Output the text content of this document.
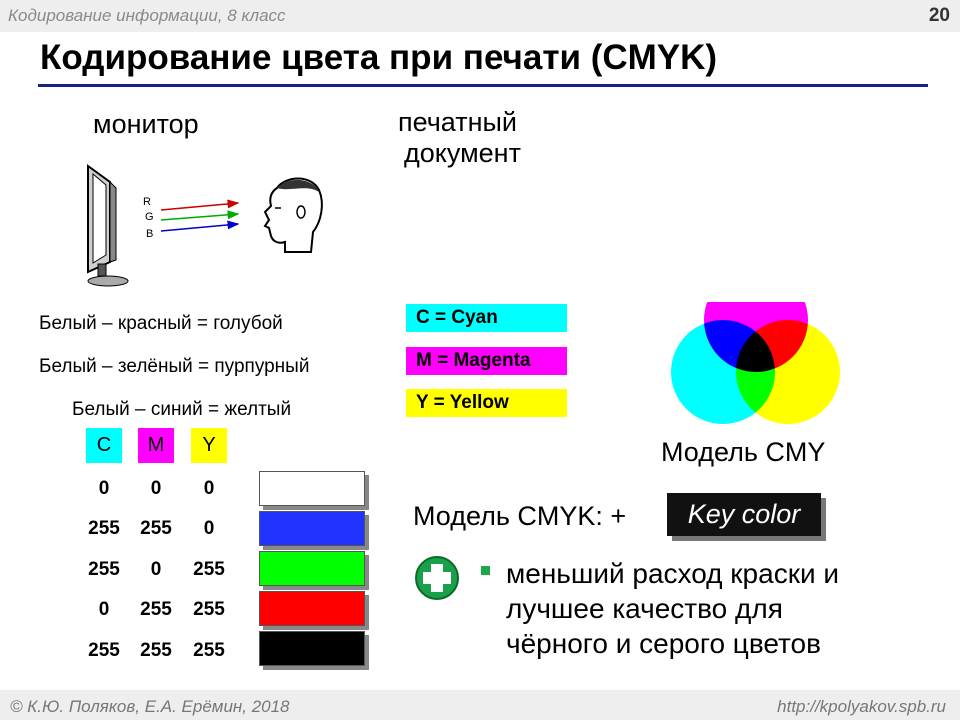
Кодирование информации, 8 класс	20
Кодирование цвета при печати (CMYK)
монитор	печатный
документ
R
G
B
Белый – красный = голубой
Белый – зелёный = пурпурный
Белый – синий = желтый
C = Cyan
M = Magenta
Y = Yellow
C	M	Y
0	0	0
255	255	0
255	0	255
0	255	255
255	255	255
Модель CMY
Модель CMYK: +	Key color
меньший расход краски и
лучшее качество для
чёрного и серого цветов
© К.Ю. Поляков, Е.А. Ерёмин, 2018	http://kpolyakov.spb.ru
